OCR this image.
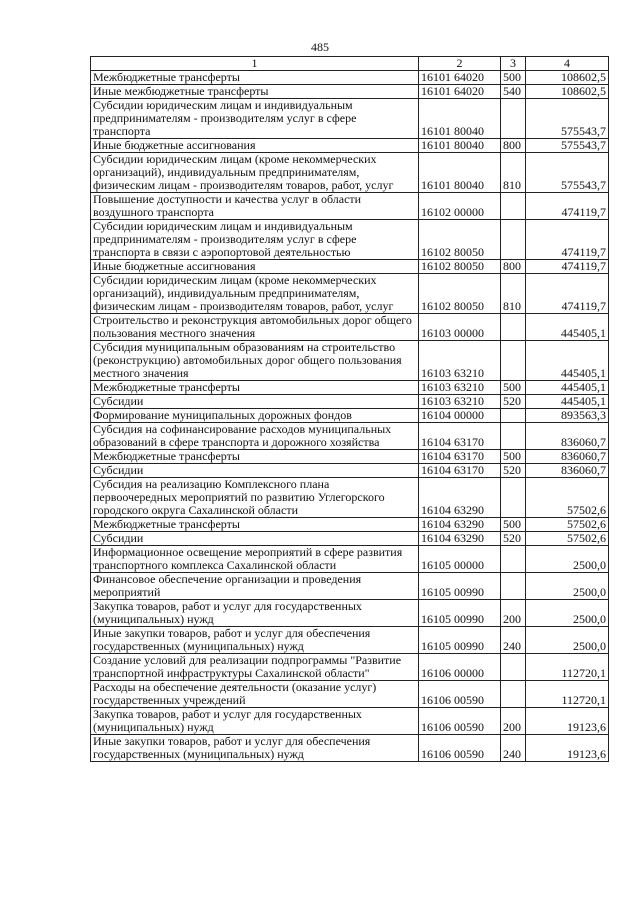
485
1	2	3	4
Межбюджетные трансферты	16101 64020	500	108602,5
Иные межбюджетные трансферты	16101 64020	540	108602,5
Субсидии юридическим лицам и индивидуальным предпринимателям - производителям услуг в сфере транспорта	16101 80040		575543,7
Иные бюджетные ассигнования	16101 80040	800	575543,7
Субсидии юридическим лицам (кроме некоммерческих организаций), индивидуальным предпринимателям, физическим лицам - производителям товаров, работ, услуг	16101 80040	810	575543,7
Повышение доступности и качества услуг в области воздушного транспорта	16102 00000		474119,7
Субсидии юридическим лицам и индивидуальным предпринимателям - производителям услуг в сфере транспорта в связи с аэропортовой деятельностью	16102 80050		474119,7
Иные бюджетные ассигнования	16102 80050	800	474119,7
Субсидии юридическим лицам (кроме некоммерческих организаций), индивидуальным предпринимателям, физическим лицам - производителям товаров, работ, услуг	16102 80050	810	474119,7
Строительство и реконструкция автомобильных дорог общего пользования местного значения	16103 00000		445405,1
Субсидия муниципальным образованиям на строительство (реконструкцию) автомобильных дорог общего пользования местного значения	16103 63210		445405,1
Межбюджетные трансферты	16103 63210	500	445405,1
Субсидии	16103 63210	520	445405,1
Формирование муниципальных дорожных фондов	16104 00000		893563,3
Субсидия на софинансирование расходов муниципальных образований в сфере транспорта и дорожного хозяйства	16104 63170		836060,7
Межбюджетные трансферты	16104 63170	500	836060,7
Субсидии	16104 63170	520	836060,7
Субсидия на реализацию Комплексного плана первоочередных мероприятий по развитию Углегорского городского округа Сахалинской области	16104 63290		57502,6
Межбюджетные трансферты	16104 63290	500	57502,6
Субсидии	16104 63290	520	57502,6
Информационное освещение мероприятий в сфере развития транспортного комплекса Сахалинской области	16105 00000		2500,0
Финансовое обеспечение организации и проведения мероприятий	16105 00990		2500,0
Закупка товаров, работ и услуг для государственных (муниципальных) нужд	16105 00990	200	2500,0
Иные закупки товаров, работ и услуг для обеспечения государственных (муниципальных) нужд	16105 00990	240	2500,0
Создание условий для реализации подпрограммы "Развитие транспортной инфраструктуры Сахалинской области"	16106 00000		112720,1
Расходы на обеспечение деятельности (оказание услуг) государственных учреждений	16106 00590		112720,1
Закупка товаров, работ и услуг для государственных (муниципальных) нужд	16106 00590	200	19123,6
Иные закупки товаров, работ и услуг для обеспечения государственных (муниципальных) нужд	16106 00590	240	19123,6
